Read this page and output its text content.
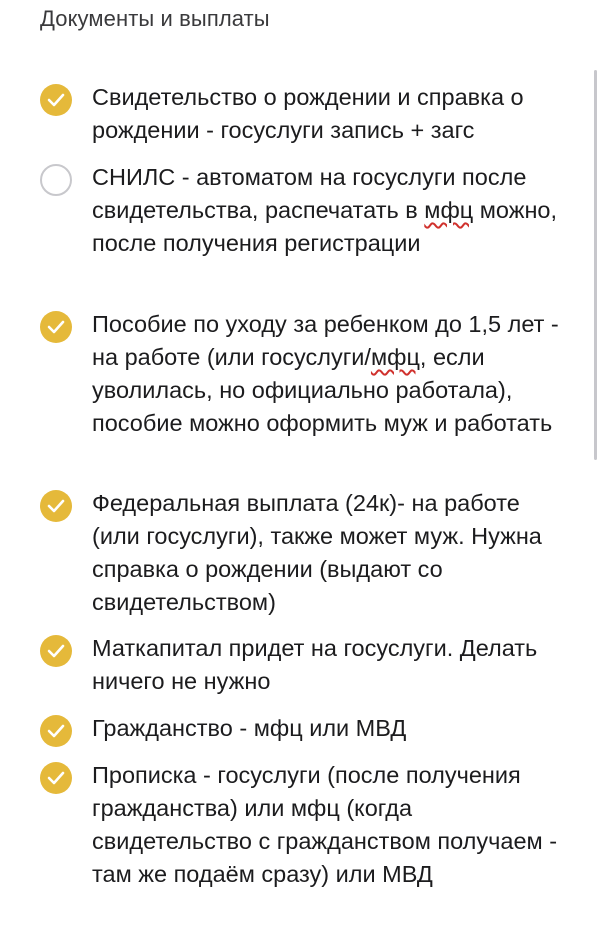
Документы и выплаты
Свидетельство о рождении и справка о рождении - госуслуги запись + загс
СНИЛС - автоматом на госуслуги после свидетельства, распечатать в мфц можно, после получения регистрации
Пособие по уходу за ребенком до 1,5 лет - на работе (или госуслуги/мфц, если уволилась, но официально работала), пособие можно оформить муж и работать
Федеральная выплата (24к)- на работе (или госуслуги), также может муж. Нужна справка о рождении (выдают со свидетельством)
Маткапитал придет на госуслуги. Делать ничего не нужно
Гражданство - мфц или МВД
Прописка - госуслуги (после получения гражданства) или мфц (когда свидетельство с гражданством получаем - там же подаём сразу) или МВД
